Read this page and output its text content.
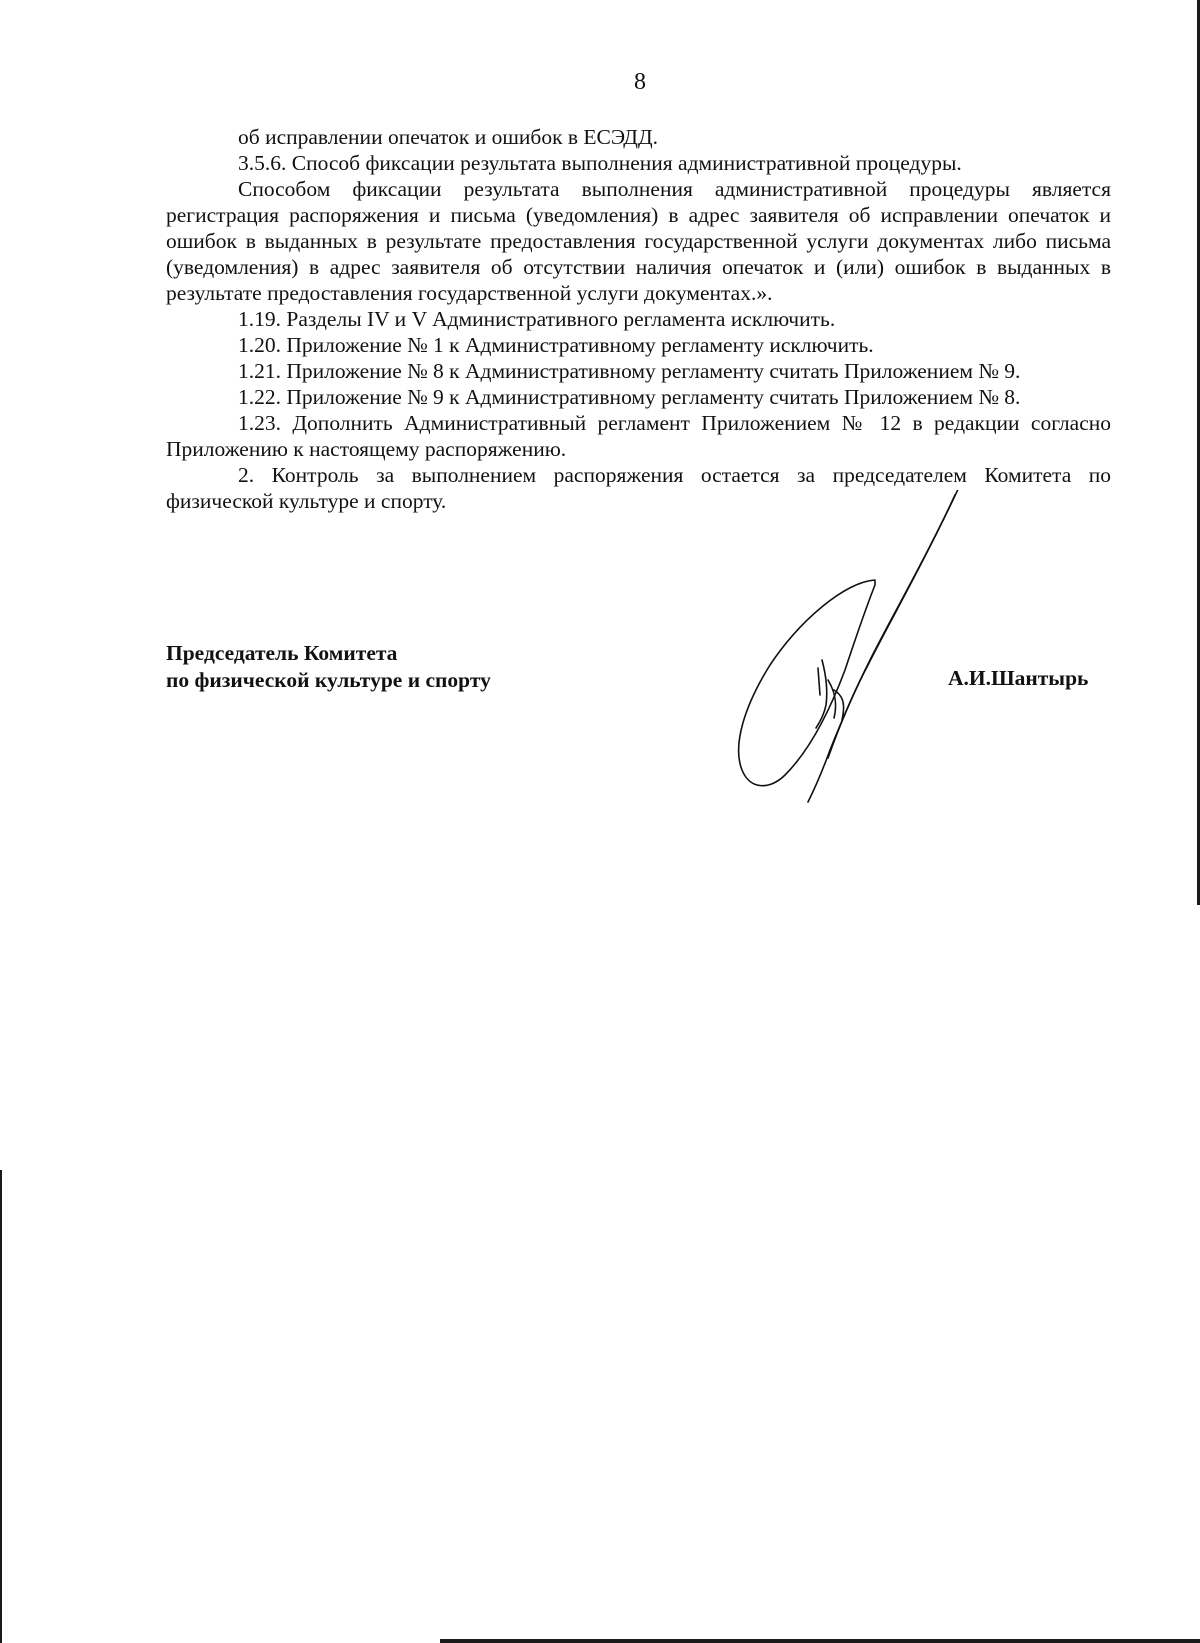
8

об исправлении опечаток и ошибок в ЕСЭДД.

3.5.6. Способ фиксации результата выполнения административной процедуры.

Способом фиксации результата выполнения административной процедуры является регистрация распоряжения и письма (уведомления) в адрес заявителя об исправлении опечаток и ошибок в выданных в результате предоставления государственной услуги документах либо письма (уведомления) в адрес заявителя об отсутствии наличия опечаток и (или) ошибок в выданных в результате предоставления государственной услуги документах.».

1.19. Разделы IV и V Административного регламента исключить.

1.20. Приложение № 1 к Административному регламенту исключить.

1.21. Приложение № 8 к Административному регламенту считать Приложением № 9.

1.22. Приложение № 9 к Административному регламенту считать Приложением № 8.

1.23. Дополнить Административный регламент Приложением № 12 в редакции согласно Приложению к настоящему распоряжению.

2. Контроль за выполнением распоряжения остается за председателем Комитета по физической культуре и спорту.

Председатель Комитета
по физической культуре и спорту	А.И.Шантырь
